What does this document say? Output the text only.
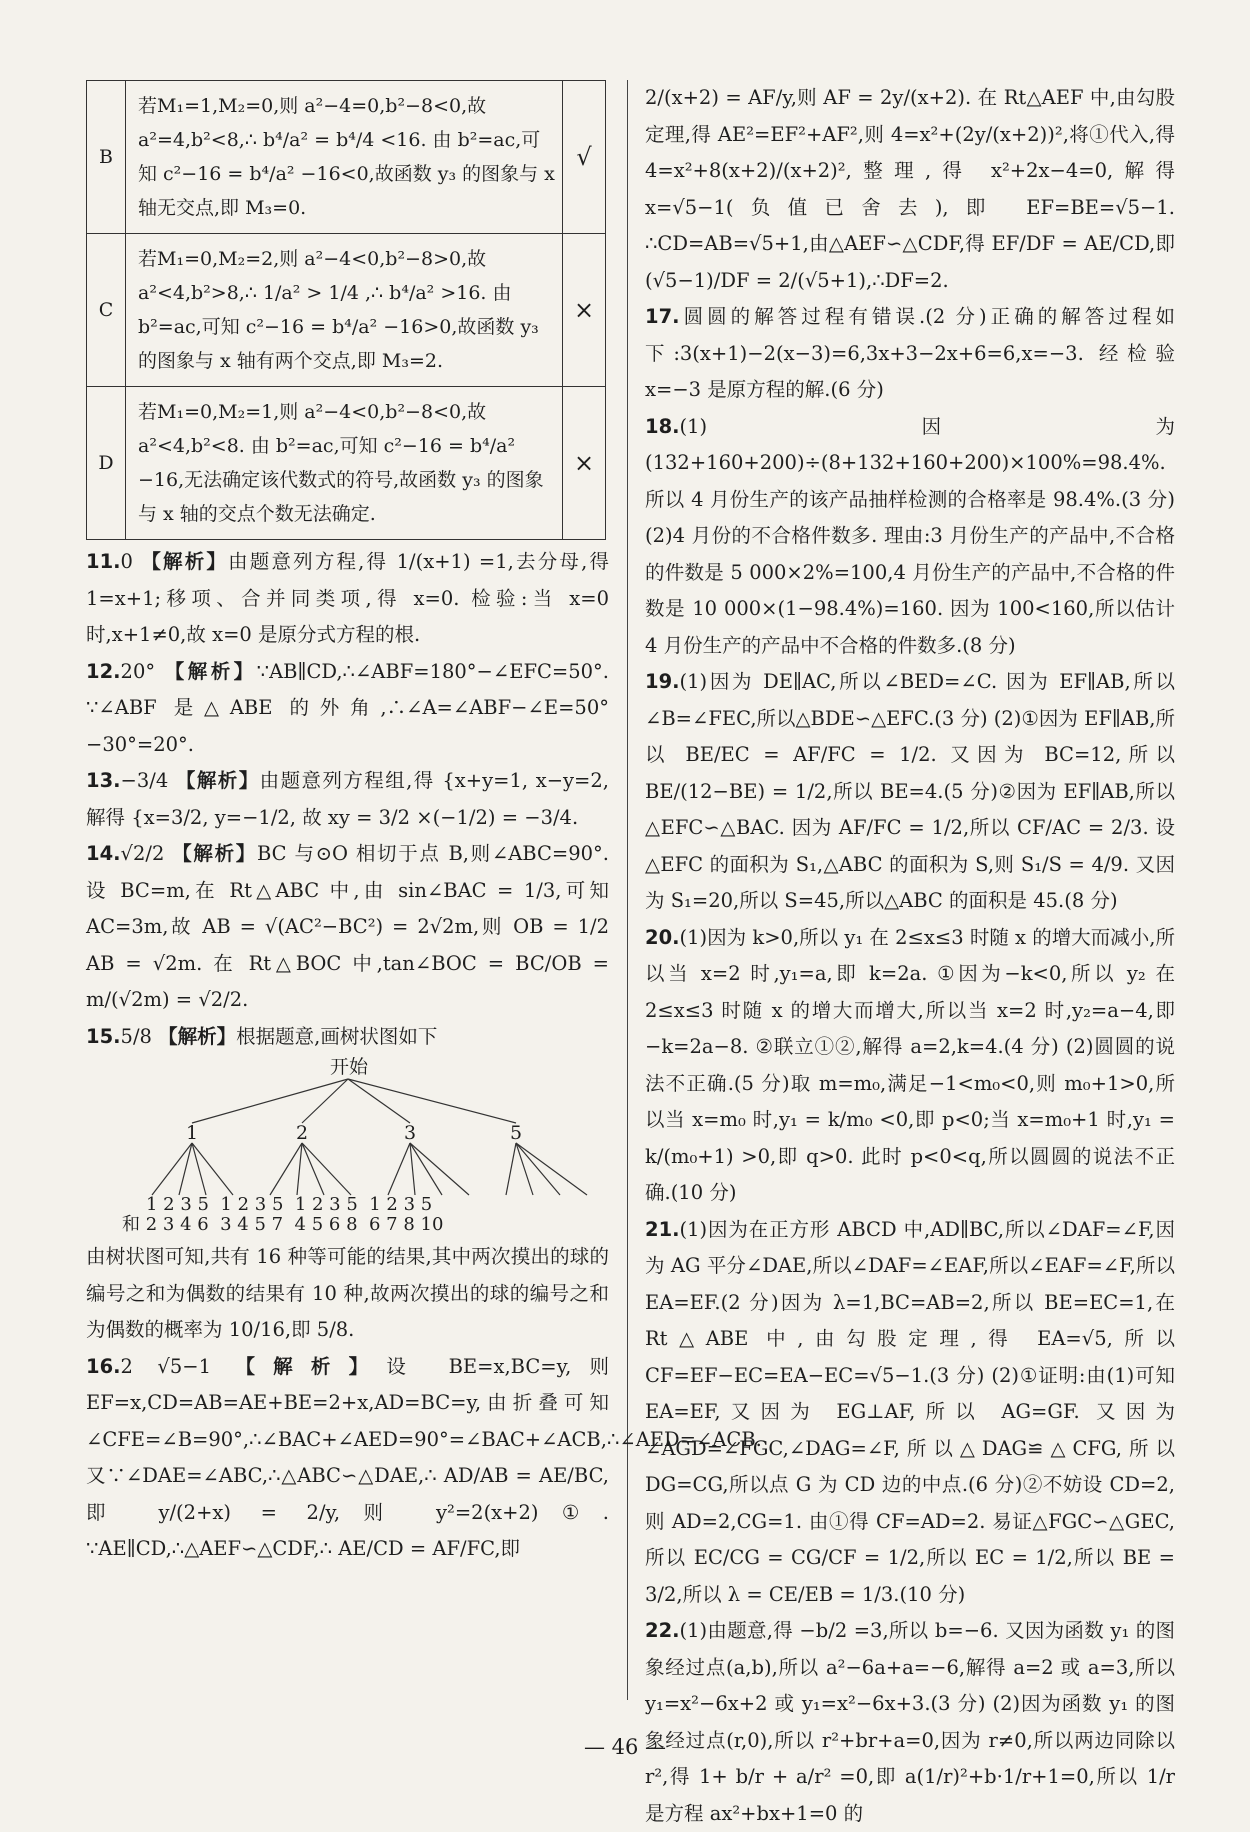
B	若M₁=1,M₂=0,则 a²−4=0,b²−8<0,故 a²=4,b²<8,∴ b⁴/a² = b⁴/4 <16. 由 b²=ac,可知 c²−16 = b⁴/a² −16<0,故函数 y₃ 的图象与 x 轴无交点,即 M₃=0.	√
C	若M₁=0,M₂=2,则 a²−4<0,b²−8>0,故 a²<4,b²>8,∴ 1/a² > 1/4 ,∴ b⁴/a² >16. 由 b²=ac,可知 c²−16 = b⁴/a² −16>0,故函数 y₃ 的图象与 x 轴有两个交点,即 M₃=2.	×
D	若M₁=0,M₂=1,则 a²−4<0,b²−8<0,故 a²<4,b²<8. 由 b²=ac,可知 c²−16 = b⁴/a² −16,无法确定该代数式的符号,故函数 y₃ 的图象与 x 轴的交点个数无法确定.	×

11.0 【解析】由题意列方程,得 1/(x+1) =1,去分母,得 1=x+1;移项、合并同类项,得 x=0. 检验:当 x=0 时,x+1≠0,故 x=0 是原分式方程的根.

12.20° 【解析】∵AB∥CD,∴∠ABF=180°−∠EFC=50°. ∵∠ABF 是△ABE 的外角,∴∠A=∠ABF−∠E=50°−30°=20°.

13.−3/4 【解析】由题意列方程组,得 {x+y=1, x−y=2, 解得 {x=3/2, y=−1/2, 故 xy = 3/2 ×(−1/2) = −3/4.

14.√2/2 【解析】BC 与⊙O 相切于点 B,则∠ABC=90°. 设 BC=m,在 Rt△ABC 中,由 sin∠BAC = 1/3,可知 AC=3m,故 AB = √(AC²−BC²) = 2√2m,则 OB = 1/2 AB = √2m. 在 Rt△BOC 中,tan∠BOC = BC/OB = m/(√2m) = √2/2.

15.5/8 【解析】根据题意,画树状图如下

开始
1	2	3	5
1 2 3 5  1 2 3 5  1 2 3 5  1 2 3 5
和 2 3 4 6  3 4 5 7  4 5 6 8  6 7 8 10

由树状图可知,共有 16 种等可能的结果,其中两次摸出的球的编号之和为偶数的结果有 10 种,故两次摸出的球的编号之和为偶数的概率为 10/16,即 5/8.

16.2 √5−1 【解析】设 BE=x,BC=y,则 EF=x,CD=AB=AE+BE=2+x,AD=BC=y,由折叠可知∠CFE=∠B=90°,∴∠BAC+∠AED=90°=∠BAC+∠ACB,∴∠AED=∠ACB. 又∵∠DAE=∠ABC,∴△ABC∽△DAE,∴ AD/AB = AE/BC,即 y/(2+x) = 2/y,则 y²=2(x+2)①. ∵AE∥CD,∴△AEF∽△CDF,∴ AE/CD = AF/FC,即

2/(x+2) = AF/y,则 AF = 2y/(x+2). 在 Rt△AEF 中,由勾股定理,得 AE²=EF²+AF²,则 4=x²+(2y/(x+2))²,将①代入,得 4=x²+8(x+2)/(x+2)²,整理,得 x²+2x−4=0,解得 x=√5−1(负值已舍去),即 EF=BE=√5−1. ∴CD=AB=√5+1,由△AEF∽△CDF,得 EF/DF = AE/CD,即 (√5−1)/DF = 2/(√5+1),∴DF=2.

17.圆圆的解答过程有错误.(2 分)正确的解答过程如下:3(x+1)−2(x−3)=6,3x+3−2x+6=6,x=−3. 经检验 x=−3 是原方程的解.(6 分)

18.(1)因为(132+160+200)÷(8+132+160+200)×100%=98.4%. 所以 4 月份生产的该产品抽样检测的合格率是 98.4%.(3 分) (2)4 月份的不合格件数多. 理由:3 月份生产的产品中,不合格的件数是 5 000×2%=100,4 月份生产的产品中,不合格的件数是 10 000×(1−98.4%)=160. 因为 100<160,所以估计 4 月份生产的产品中不合格的件数多.(8 分)

19.(1)因为 DE∥AC,所以∠BED=∠C. 因为 EF∥AB,所以∠B=∠FEC,所以△BDE∽△EFC.(3 分) (2)①因为 EF∥AB,所以 BE/EC = AF/FC = 1/2. 又因为 BC=12,所以 BE/(12−BE) = 1/2,所以 BE=4.(5 分)②因为 EF∥AB,所以△EFC∽△BAC. 因为 AF/FC = 1/2,所以 CF/AC = 2/3. 设△EFC 的面积为 S₁,△ABC 的面积为 S,则 S₁/S = 4/9. 又因为 S₁=20,所以 S=45,所以△ABC 的面积是 45.(8 分)

20.(1)因为 k>0,所以 y₁ 在 2≤x≤3 时随 x 的增大而减小,所以当 x=2 时,y₁=a,即 k=2a. ①因为−k<0,所以 y₂ 在 2≤x≤3 时随 x 的增大而增大,所以当 x=2 时,y₂=a−4,即−k=2a−8. ②联立①②,解得 a=2,k=4.(4 分) (2)圆圆的说法不正确.(5 分)取 m=m₀,满足−1<m₀<0,则 m₀+1>0,所以当 x=m₀ 时,y₁ = k/m₀ <0,即 p<0;当 x=m₀+1 时,y₁ = k/(m₀+1) >0,即 q>0. 此时 p<0<q,所以圆圆的说法不正确.(10 分)

21.(1)因为在正方形 ABCD 中,AD∥BC,所以∠DAF=∠F,因为 AG 平分∠DAE,所以∠DAF=∠EAF,所以∠EAF=∠F,所以 EA=EF.(2 分)因为 λ=1,BC=AB=2,所以 BE=EC=1,在 Rt△ABE 中,由勾股定理,得 EA=√5,所以 CF=EF−EC=EA−EC=√5−1.(3 分) (2)①证明:由(1)可知 EA=EF,又因为 EG⊥AF,所以 AG=GF. 又因为∠AGD=∠FGC,∠DAG=∠F,所以△DAG≌△CFG,所以 DG=CG,所以点 G 为 CD 边的中点.(6 分)②不妨设 CD=2,则 AD=2,CG=1. 由①得 CF=AD=2. 易证△FGC∽△GEC,所以 EC/CG = CG/CF = 1/2,所以 EC = 1/2,所以 BE = 3/2,所以 λ = CE/EB = 1/3.(10 分)

22.(1)由题意,得 −b/2 =3,所以 b=−6. 又因为函数 y₁ 的图象经过点(a,b),所以 a²−6a+a=−6,解得 a=2 或 a=3,所以 y₁=x²−6x+2 或 y₁=x²−6x+3.(3 分) (2)因为函数 y₁ 的图象经过点(r,0),所以 r²+br+a=0,因为 r≠0,所以两边同除以 r²,得 1+ b/r + a/r² =0,即 a(1/r)²+b·1/r+1=0,所以 1/r 是方程 ax²+bx+1=0 的

— 46 —
